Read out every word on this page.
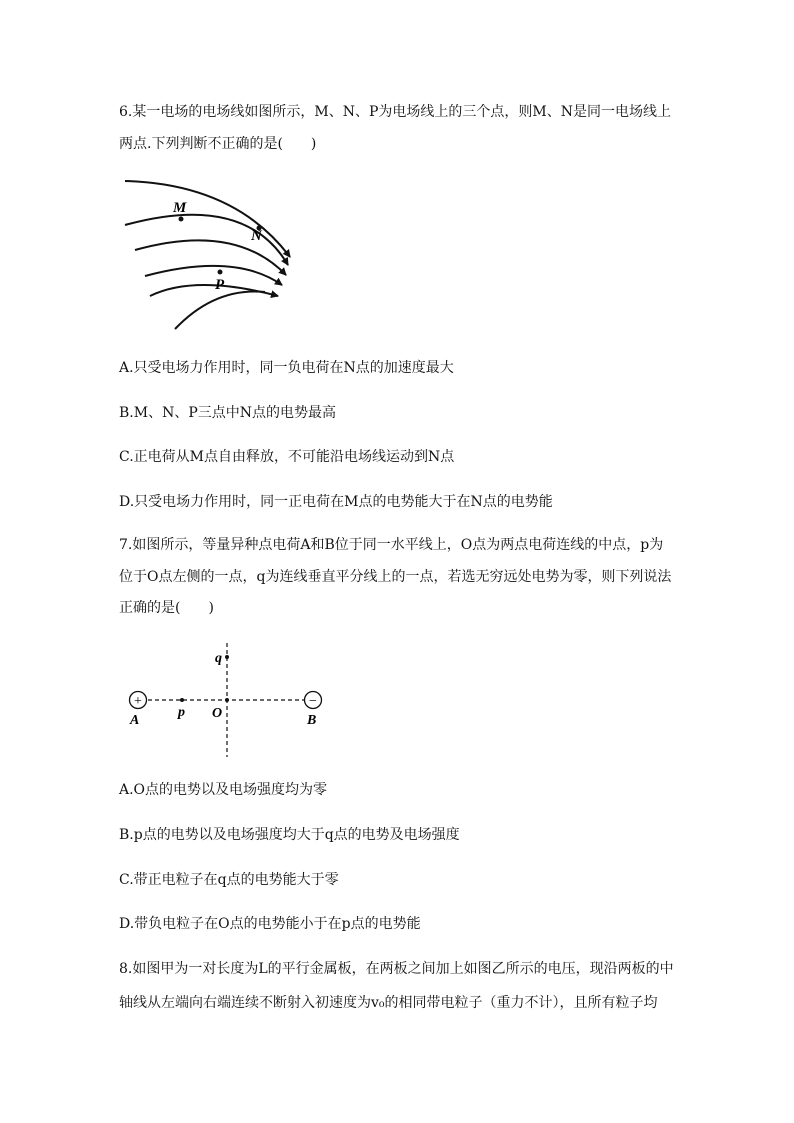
6.某一电场的电场线如图所示，M、N、P为电场线上的三个点，则M、N是同一电场线上
两点.下列判断不正确的是(　　)
M
N
P
A.只受电场力作用时，同一负电荷在N点的加速度最大
B.M、N、P三点中N点的电势最高
C.正电荷从M点自由释放，不可能沿电场线运动到N点
D.只受电场力作用时，同一正电荷在M点的电势能大于在N点的电势能
7.如图所示，等量异种点电荷A和B位于同一水平线上，O点为两点电荷连线的中点，p为
位于O点左侧的一点，q为连线垂直平分线上的一点，若选无穷远处电势为零，则下列说法
正确的是(　　)
+	−
q
A
p O	B
A.O点的电势以及电场强度均为零
B.p点的电势以及电场强度均大于q点的电势及电场强度
C.带正电粒子在q点的电势能大于零
D.带负电粒子在O点的电势能小于在p点的电势能
8.如图甲为一对长度为L的平行金属板，在两板之间加上如图乙所示的电压，现沿两板的中
轴线从左端向右端连续不断射入初速度为v₀的相同带电粒子（重力不计），且所有粒子均
